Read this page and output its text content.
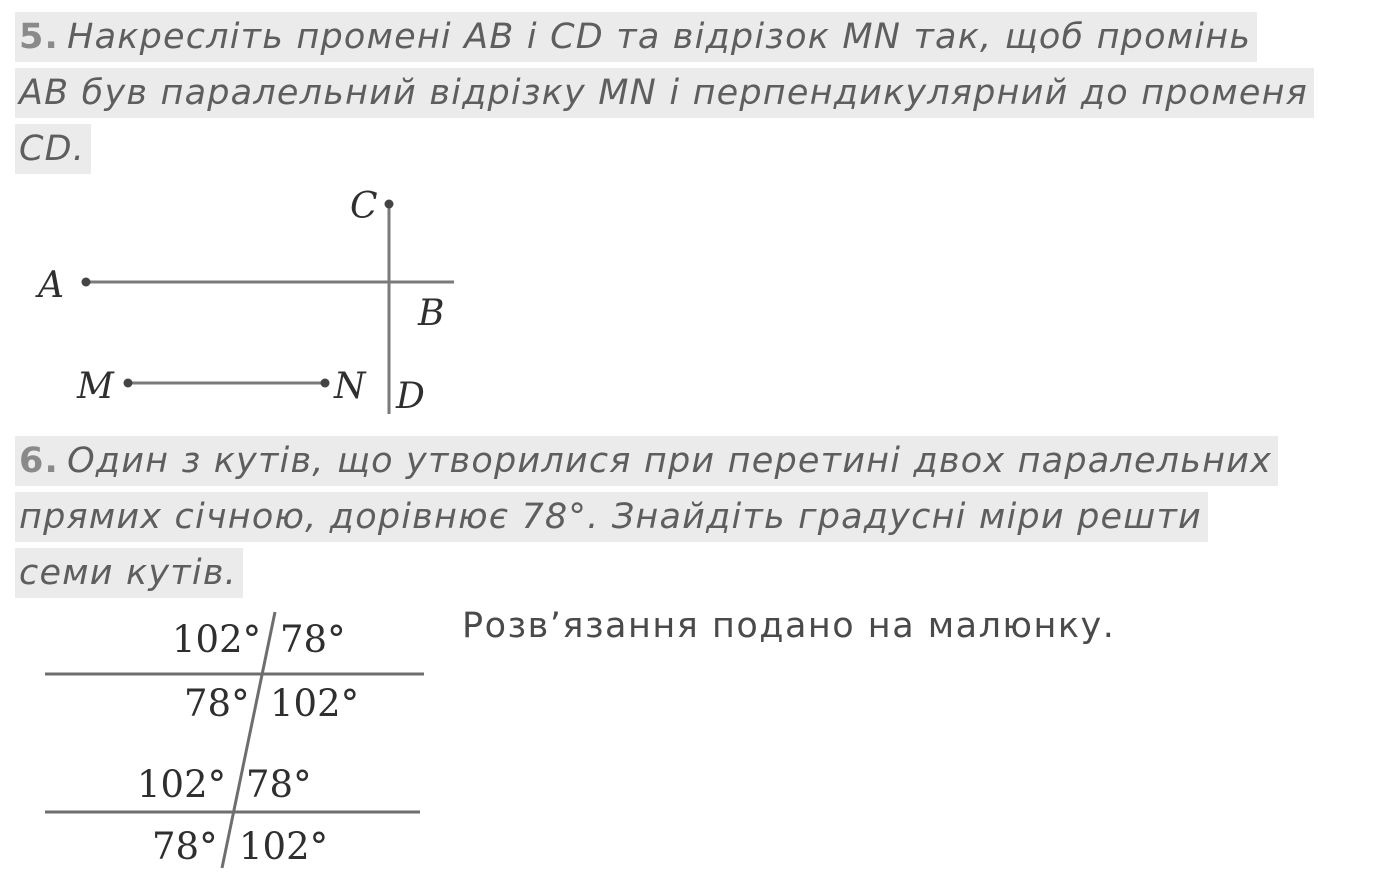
5. Накресліть промені AB і CD та відрізок MN так, щоб промінь
AB був паралельний відрізку MN і перпендикулярний до променя
CD.
A
B
C
D
M	N
6. Один з кутів, що утворилися при перетині двох паралельних
прямих січною, дорівнює 78°. Знайдіть градусні міри решти
семи кутів.
Розв’язання подано на малюнку.
102° 78°
78° 102°
102° 78°
78° 102°
